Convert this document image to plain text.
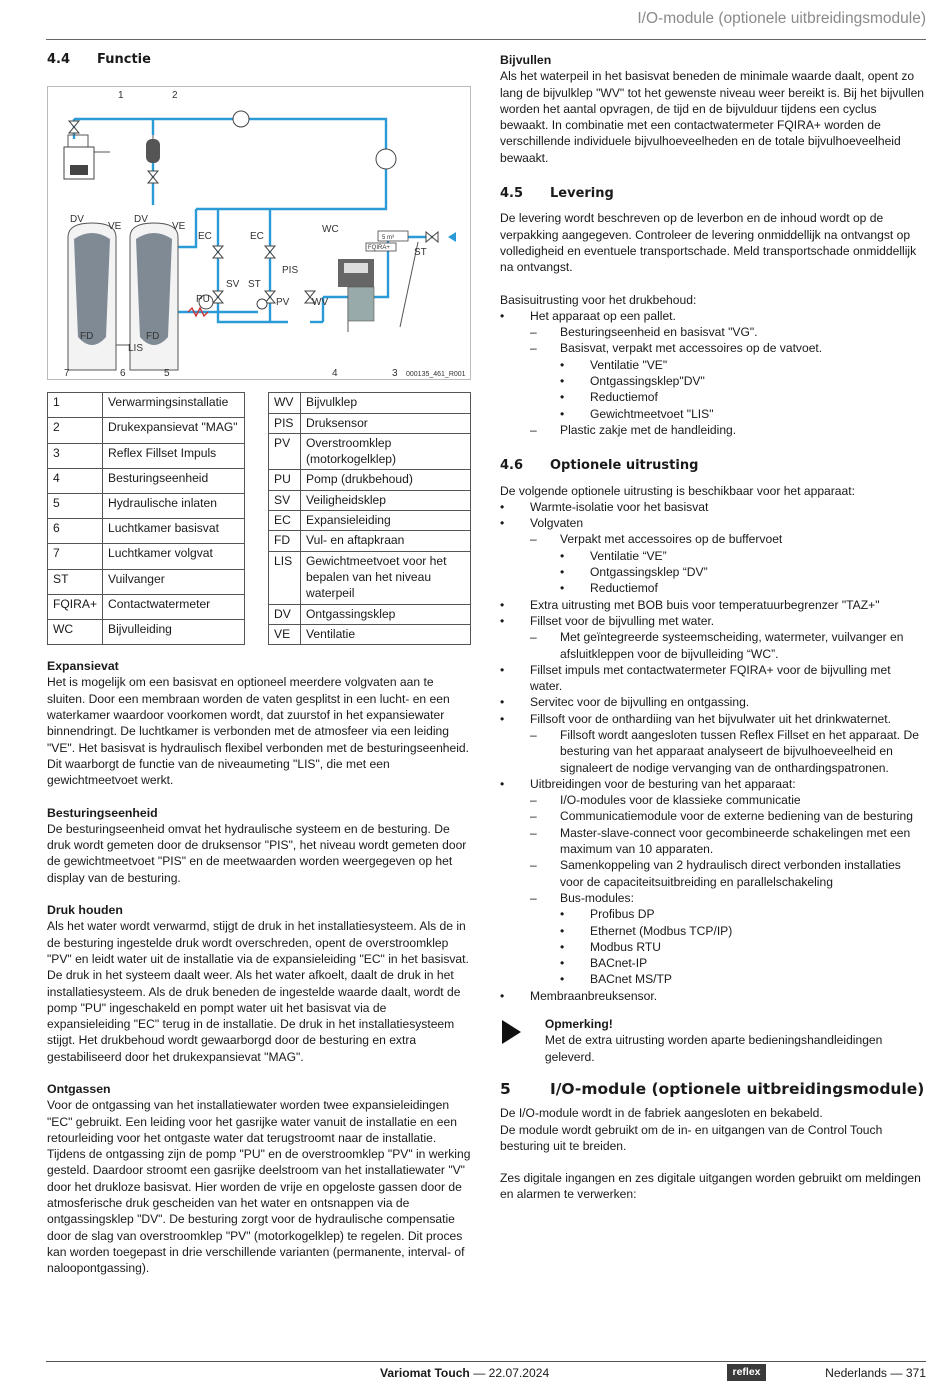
I/O-module (optionele uitbreidingsmodule)
4.4	Functie
1	2
DV
VE
DV
VE
EC	EC
WC
PIS
SV ST
PU	PV WV
FD	FD
LIS
ST
FQIRA+
5 m³
7	6	5	4	3 000135_461_R001
1	Verwarmingsinstallatie
2	Drukexpansievat "MAG"
3	Reflex Fillset Impuls
4	Besturingseenheid
5	Hydraulische inlaten
6	Luchtkamer basisvat
7	Luchtkamer volgvat
ST	Vuilvanger
FQIRA+	Contactwatermeter
WC	Bijvulleiding
WV	Bijvulklep
PIS	Druksensor
PV	Overstroomklep (motorkogelklep)
PU	Pomp (drukbehoud)
SV	Veiligheidsklep
EC	Expansieleiding
FD	Vul- en aftapkraan
LIS	Gewichtmeetvoet voor het bepalen van het niveau waterpeil
DV	Ontgassingsklep
VE	Ventilatie
Expansievat

Het is mogelijk om een basisvat en optioneel meerdere volgvaten aan te sluiten. Door een membraan worden de vaten gesplitst in een lucht- en een waterkamer waardoor voorkomen wordt, dat zuurstof in het expansiewater binnendringt. De luchtkamer is verbonden met de atmosfeer via een leiding "VE". Het basisvat is hydraulisch flexibel verbonden met de besturingseenheid. Dit waarborgt de functie van de niveaumeting "LIS", die met een gewichtmeetvoet werkt.

Besturingseenheid

De besturingseenheid omvat het hydraulische systeem en de besturing. De druk wordt gemeten door de druksensor "PIS", het niveau wordt gemeten door de gewichtmeetvoet "PIS" en de meetwaarden worden weergegeven op het display van de besturing.

Druk houden

Als het water wordt verwarmd, stijgt de druk in het installatiesysteem. Als de in de besturing ingestelde druk wordt overschreden, opent de overstroomklep "PV" en leidt water uit de installatie via de expansieleiding "EC" in het basisvat. De druk in het systeem daalt weer. Als het water afkoelt, daalt de druk in het installatiesysteem. Als de druk beneden de ingestelde waarde daalt, wordt de pomp "PU" ingeschakeld en pompt water uit het basisvat via de expansieleiding "EC" terug in de installatie. De druk in het installatiesysteem stijgt. Het drukbehoud wordt gewaarborgd door de besturing en extra gestabiliseerd door het drukexpansievat "MAG".

Ontgassen

Voor de ontgassing van het installatiewater worden twee expansieleidingen "EC" gebruikt. Een leiding voor het gasrijke water vanuit de installatie en een retourleiding voor het ontgaste water dat terugstroomt naar de installatie. Tijdens de ontgassing zijn de pomp "PU" en de overstroomklep "PV" in werking gesteld. Daardoor stroomt een gasrijke deelstroom van het installatiewater "V" door het drukloze basisvat. Hier worden de vrije en opgeloste gassen door de atmosferische druk gescheiden van het water en ontsnappen via de ontgassingsklep "DV". De besturing zorgt voor de hydraulische compensatie door de slag van overstroomklep "PV" (motorkogelklep) te regelen. Dit proces kan worden toegepast in drie verschillende varianten (permanente, interval- of naloopontgassing).

Bijvullen

Als het waterpeil in het basisvat beneden de minimale waarde daalt, opent zo lang de bijvulklep "WV" tot het gewenste niveau weer bereikt is. Bij het bijvullen worden het aantal opvragen, de tijd en de bijvulduur tijdens een cyclus bewaakt. In combinatie met een contactwatermeter FQIRA+ worden de verschillende individuele bijvulhoeveelheden en de totale bijvulhoeveelheid bewaakt.

4.5	Levering

De levering wordt beschreven op de leverbon en de inhoud wordt op de verpakking aangegeven. Controleer de levering onmiddellijk na ontvangst op volledigheid en eventuele transportschade. Meld transportschade onmiddellijk na ontvangst.

Basisuitrusting voor het drukbehoud:

•	Het apparaat op een pallet.
–	Besturingseenheid en basisvat "VG".
–	Basisvat, verpakt met accessoires op de vatvoet.
•	Ventilatie "VE"
•	Ontgassingsklep"DV"
•	Reductiemof
•	Gewichtmeetvoet "LIS"
–	Plastic zakje met de handleiding.
4.6	Optionele uitrusting

De volgende optionele uitrusting is beschikbaar voor het apparaat:

•	Warmte-isolatie voor het basisvat
•	Volgvaten
–	Verpakt met accessoires op de buffervoet
•	Ventilatie “VE”
•	Ontgassingsklep “DV”
•	Reductiemof
•	Extra uitrusting met BOB buis voor temperatuurbegrenzer "TAZ+"
•	Fillset voor de bijvulling met water.
–	Met geïntegreerde systeemscheiding, watermeter, vuilvanger en afsluitkleppen voor de bijvulleiding “WC”.
•	Fillset impuls met contactwatermeter FQIRA+ voor de bijvulling met water.
•	Servitec voor de bijvulling en ontgassing.
•	Fillsoft voor de onthardiing van het bijvulwater uit het drinkwaternet.
–	Fillsoft wordt aangesloten tussen Reflex Fillset en het apparaat. De besturing van het apparaat analyseert de bijvulhoeveelheid en signaleert de nodige vervanging van de onthardingspatronen.
•	Uitbreidingen voor de besturing van het apparaat:
–	I/O-modules voor de klassieke communicatie
–	Communicatiemodule voor de externe bediening van de besturing
–	Master-slave-connect voor gecombineerde schakelingen met een maximum van 10 apparaten.
–	Samenkoppeling van 2 hydraulisch direct verbonden installaties voor de capaciteitsuitbreiding en parallelschakeling
–	Bus-modules:
•	Profibus DP
•	Ethernet (Modbus TCP/IP)
•	Modbus RTU
•	BACnet-IP
•	BACnet MS/TP
•	Membraanbreuksensor.
Opmerking!
Met de extra uitrusting worden aparte bedieningshandleidingen geleverd.
5	I/O-module (optionele uitbreidingsmodule)

De I/O-module wordt in de fabriek aangesloten en bekabeld.

De module wordt gebruikt om de in- en uitgangen van de Control Touch besturing uit te breiden.

Zes digitale ingangen en zes digitale uitgangen worden gebruikt om meldingen en alarmen te verwerken:

Variomat Touch — 22.07.2024	reflex	Nederlands — 371
